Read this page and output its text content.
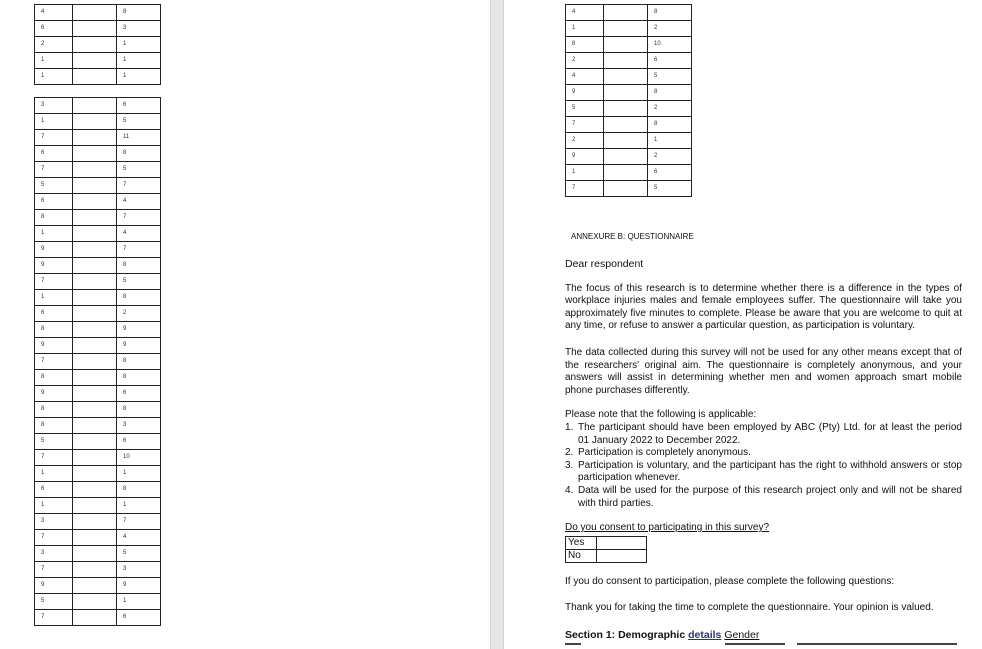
4		8
6		3
2		1
1		1
1		1
3		6
1		5
7		11
6		8
7		5
5		7
6		4
8		7
1		4
9		7
9		8
7		5
1		8
6		2
8		9
9		9
7		8
8		8
9		6
8		8
8		3
5		6
7		10
1		1
6		8
1		1
3		7
7		4
3		5
7		3
9		9
5		1
7		6
4		8
1		2
8		10
2		6
4		5
9		8
5		2
7		8
2		1
9		2
1		6
7		5
ANNEXURE B: QUESTIONNAIRE
Dear respondent

The focus of this research is to determine whether there is a difference in the types of workplace injuries males and female employees suffer. The questionnaire will take you approximately five minutes to complete. Please be aware that you are welcome to quit at any time, or refuse to answer a particular question, as participation is voluntary.

The data collected during this survey will not be used for any other means except that of the researchers' original aim. The questionnaire is completely anonymous, and your answers will assist in determining whether men and women approach smart mobile phone purchases differently.

Please note that the following is applicable:
1. The participant should have been employed by ABC (Pty) Ltd. for at least the period 01 January 2022 to December 2022.
2. Participation is completely anonymous.
3. Participation is voluntary, and the participant has the right to withhold answers or stop participation whenever.
4. Data will be used for the purpose of this research project only and will not be shared with third parties.
Do you consent to participating in this survey?
Yes	
No	
If you do consent to participation, please complete the following questions:
Thank you for taking the time to complete the questionnaire. Your opinion is valued.
Section 1: Demographic details Gender
